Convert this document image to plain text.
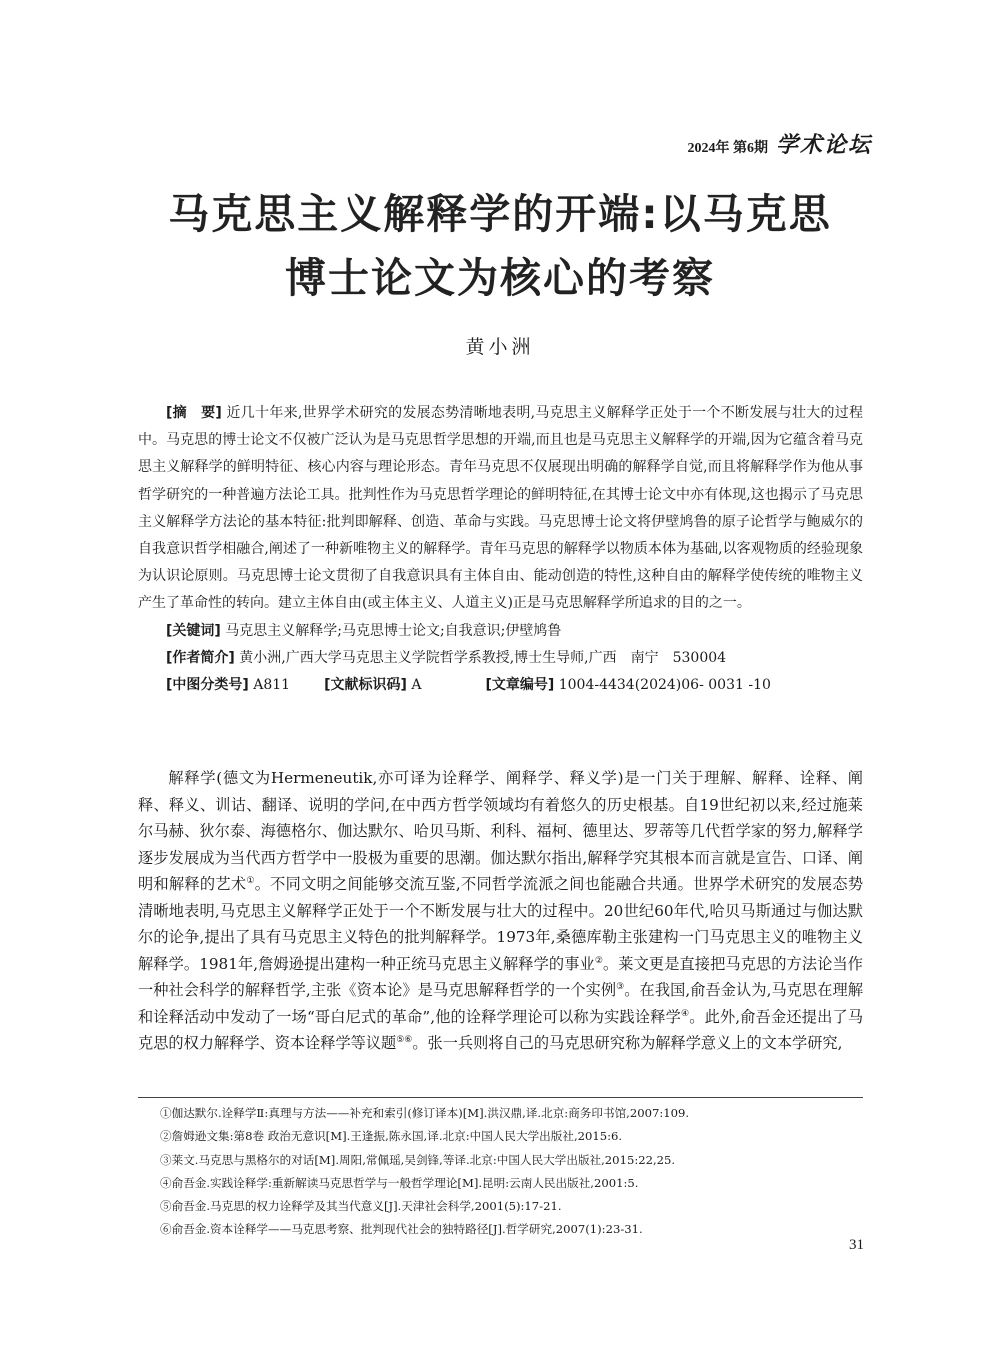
2024年 第6期 学术论坛
马克思主义解释学的开端:以马克思
博士论文为核心的考察
黄小洲

[摘　要] 近几十年来,世界学术研究的发展态势清晰地表明,马克思主义解释学正处于一个不断发展与壮大的过程中。马克思的博士论文不仅被广泛认为是马克思哲学思想的开端,而且也是马克思主义解释学的开端,因为它蕴含着马克思主义解释学的鲜明特征、核心内容与理论形态。青年马克思不仅展现出明确的解释学自觉,而且将解释学作为他从事哲学研究的一种普遍方法论工具。批判性作为马克思哲学理论的鲜明特征,在其博士论文中亦有体现,这也揭示了马克思主义解释学方法论的基本特征:批判即解释、创造、革命与实践。马克思博士论文将伊壁鸠鲁的原子论哲学与鲍威尔的自我意识哲学相融合,阐述了一种新唯物主义的解释学。青年马克思的解释学以物质本体为基础,以客观物质的经验现象为认识论原则。马克思博士论文贯彻了自我意识具有主体自由、能动创造的特性,这种自由的解释学使传统的唯物主义产生了革命性的转向。建立主体自由(或主体主义、人道主义)正是马克思解释学所追求的目的之一。

[关键词] 马克思主义解释学;马克思博士论文;自我意识;伊壁鸠鲁

[作者简介] 黄小洲,广西大学马克思主义学院哲学系教授,博士生导师,广西　南宁　530004

[中图分类号] A811 [文献标识码] A	[文章编号] 1004-4434(2024)06- 0031 -10

解释学(德文为Hermeneutik,亦可译为诠释学、阐释学、释义学)是一门关于理解、解释、诠释、阐释、释义、训诂、翻译、说明的学问,在中西方哲学领域均有着悠久的历史根基。自19世纪初以来,经过施莱尔马赫、狄尔泰、海德格尔、伽达默尔、哈贝马斯、利科、福柯、德里达、罗蒂等几代哲学家的努力,解释学逐步发展成为当代西方哲学中一股极为重要的思潮。伽达默尔指出,解释学究其根本而言就是宣告、口译、阐明和解释的艺术①。不同文明之间能够交流互鉴,不同哲学流派之间也能融合共通。世界学术研究的发展态势清晰地表明,马克思主义解释学正处于一个不断发展与壮大的过程中。20世纪60年代,哈贝马斯通过与伽达默尔的论争,提出了具有马克思主义特色的批判解释学。1973年,桑德库勒主张建构一门马克思主义的唯物主义解释学。1981年,詹姆逊提出建构一种正统马克思主义解释学的事业②。莱文更是直接把马克思的方法论当作一种社会科学的解释哲学,主张《资本论》是马克思解释哲学的一个实例③。在我国,俞吾金认为,马克思在理解和诠释活动中发动了一场“哥白尼式的革命”,他的诠释学理论可以称为实践诠释学④。此外,俞吾金还提出了马克思的权力解释学、资本诠释学等议题⑤⑥。张一兵则将自己的马克思研究称为解释学意义上的文本学研究,

①伽达默尔.诠释学Ⅱ:真理与方法——补充和索引(修订译本)[M].洪汉鼎,译.北京:商务印书馆,2007:109.
②詹姆逊文集:第8卷 政治无意识[M].王逢振,陈永国,译.北京:中国人民大学出版社,2015:6.
③莱文.马克思与黑格尔的对话[M].周阳,常佩瑶,吴剑锋,等译.北京:中国人民大学出版社,2015:22,25.
④俞吾金.实践诠释学:重新解读马克思哲学与一般哲学理论[M].昆明:云南人民出版社,2001:5.
⑤俞吾金.马克思的权力诠释学及其当代意义[J].天津社会科学,2001(5):17-21.
⑥俞吾金.资本诠释学——马克思考察、批判现代社会的独特路径[J].哲学研究,2007(1):23-31.
31
